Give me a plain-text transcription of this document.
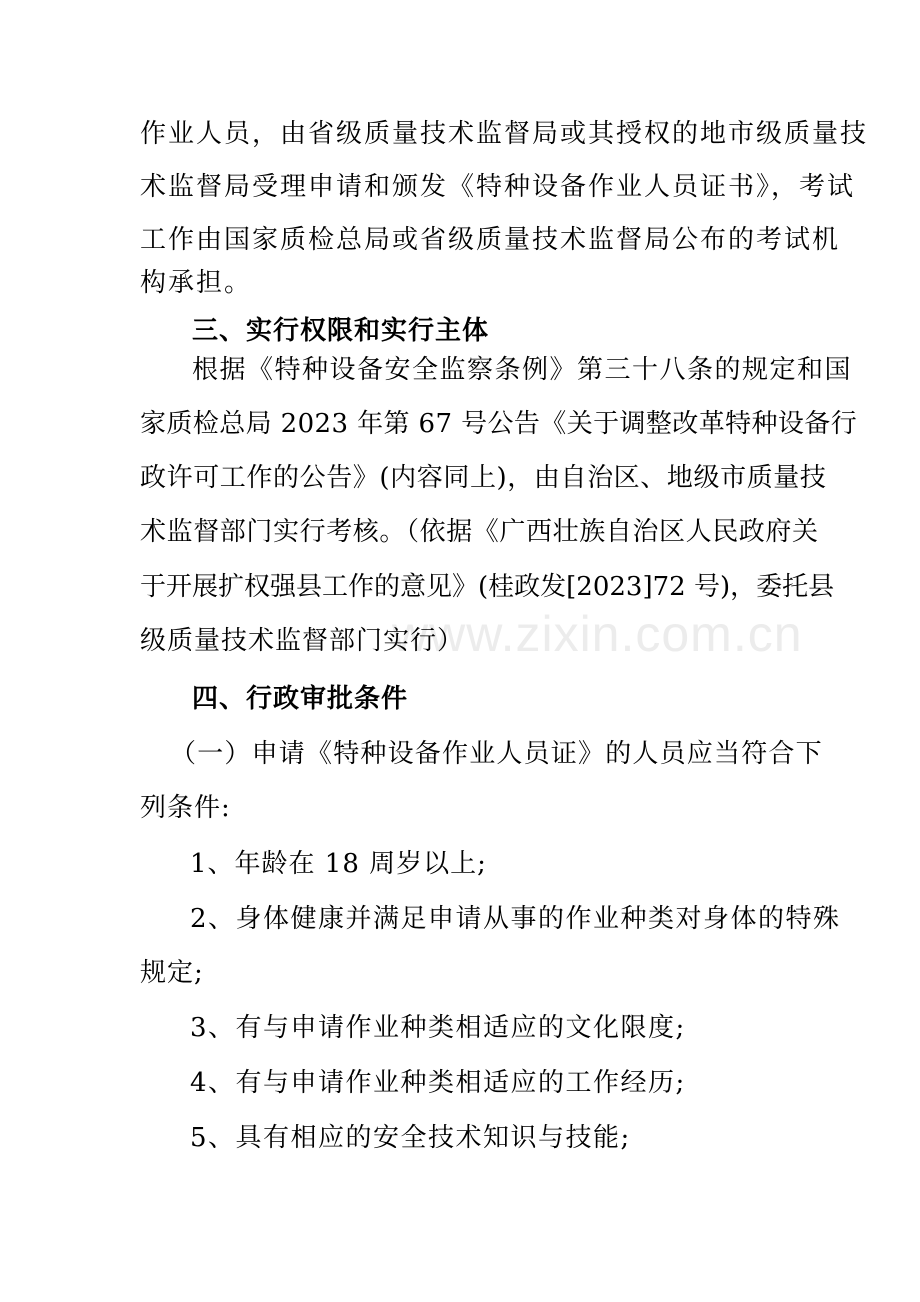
www.zixin.com.cn
作业人员，由省级质量技术监督局或其授权的地市级质量技
术监督局受理申请和颁发《特种设备作业人员证书》，考试
工作由国家质检总局或省级质量技术监督局公布的考试机
构承担。
三、实行权限和实行主体
根据《特种设备安全监察条例》第三十八条的规定和国
家质检总局 2023 年第 67 号公告《关于调整改革特种设备行
政许可工作的公告》(内容同上)，由自治区、地级市质量技
术监督部门实行考核。（依据《广西壮族自治区人民政府关
于开展扩权强县工作的意见》(桂政发[2023]72 号)，委托县
级质量技术监督部门实行）
四、行政审批条件
（一）申请《特种设备作业人员证》的人员应当符合下
列条件:
1、年龄在 18 周岁以上;
2、身体健康并满足申请从事的作业种类对身体的特殊
规定;
3、有与申请作业种类相适应的文化限度;
4、有与申请作业种类相适应的工作经历;
5、具有相应的安全技术知识与技能;
